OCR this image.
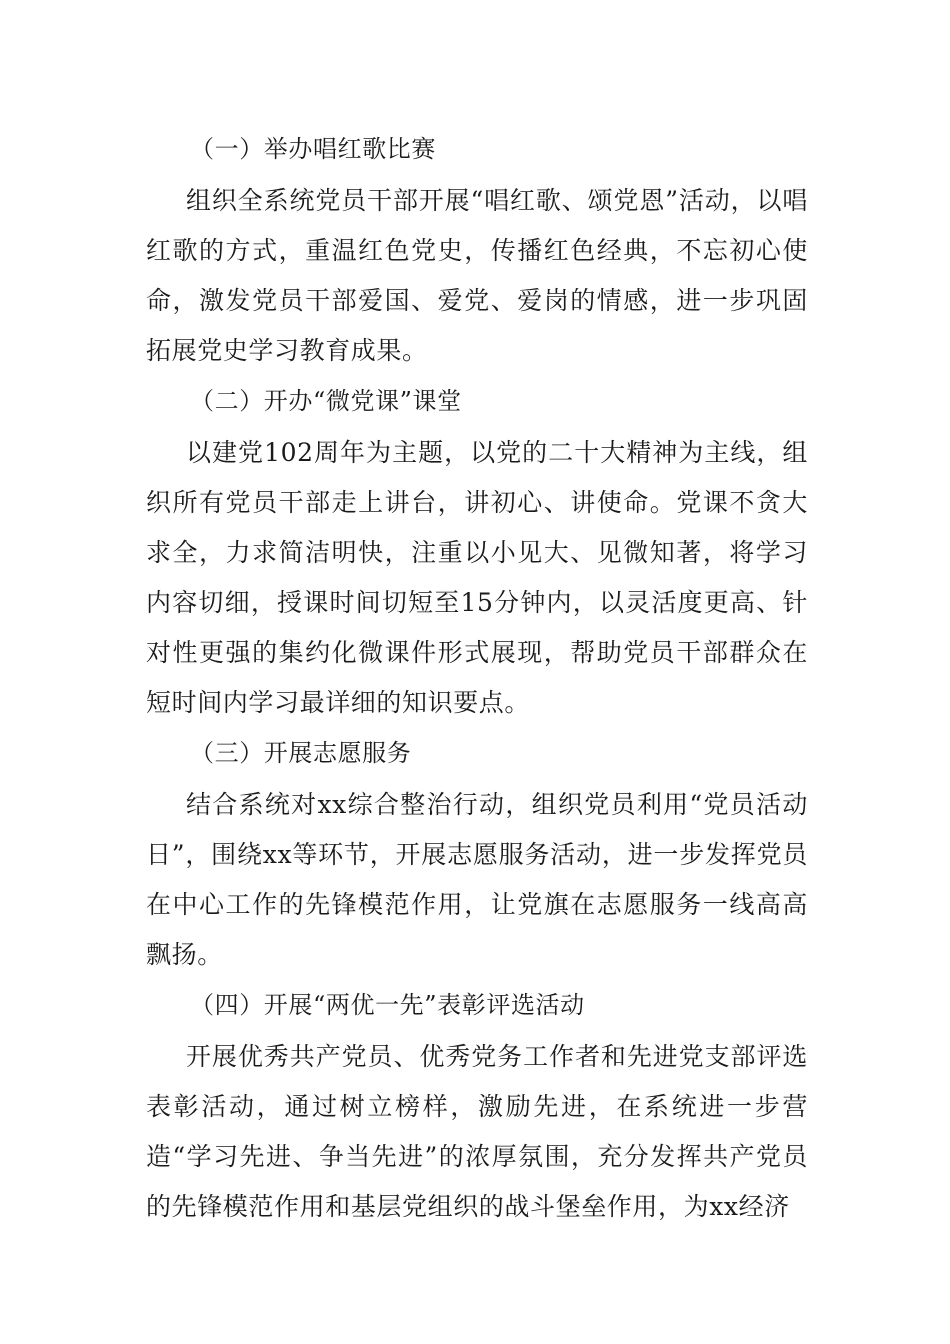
（一）举办唱红歌比赛

组织全系统党员干部开展“唱红歌、颂党恩”活动，以唱红歌的方式，重温红色党史，传播红色经典，不忘初心使命，激发党员干部爱国、爱党、爱岗的情感，进一步巩固拓展党史学习教育成果。

（二）开办“微党课”课堂

以建党102周年为主题，以党的二十大精神为主线，组织所有党员干部走上讲台，讲初心、讲使命。党课不贪大求全，力求简洁明快，注重以小见大、见微知著，将学习内容切细，授课时间切短至15分钟内，以灵活度更高、针对性更强的集约化微课件形式展现，帮助党员干部群众在短时间内学习最详细的知识要点。

（三）开展志愿服务

结合系统对xx综合整治行动，组织党员利用“党员活动日”，围绕xx等环节，开展志愿服务活动，进一步发挥党员在中心工作的先锋模范作用，让党旗在志愿服务一线高高飘扬。

（四）开展“两优一先”表彰评选活动

开展优秀共产党员、优秀党务工作者和先进党支部评选表彰活动，通过树立榜样，激励先进，在系统进一步营造“学习先进、争当先进”的浓厚氛围，充分发挥共产党员的先锋模范作用和基层党组织的战斗堡垒作用，为xx经济
